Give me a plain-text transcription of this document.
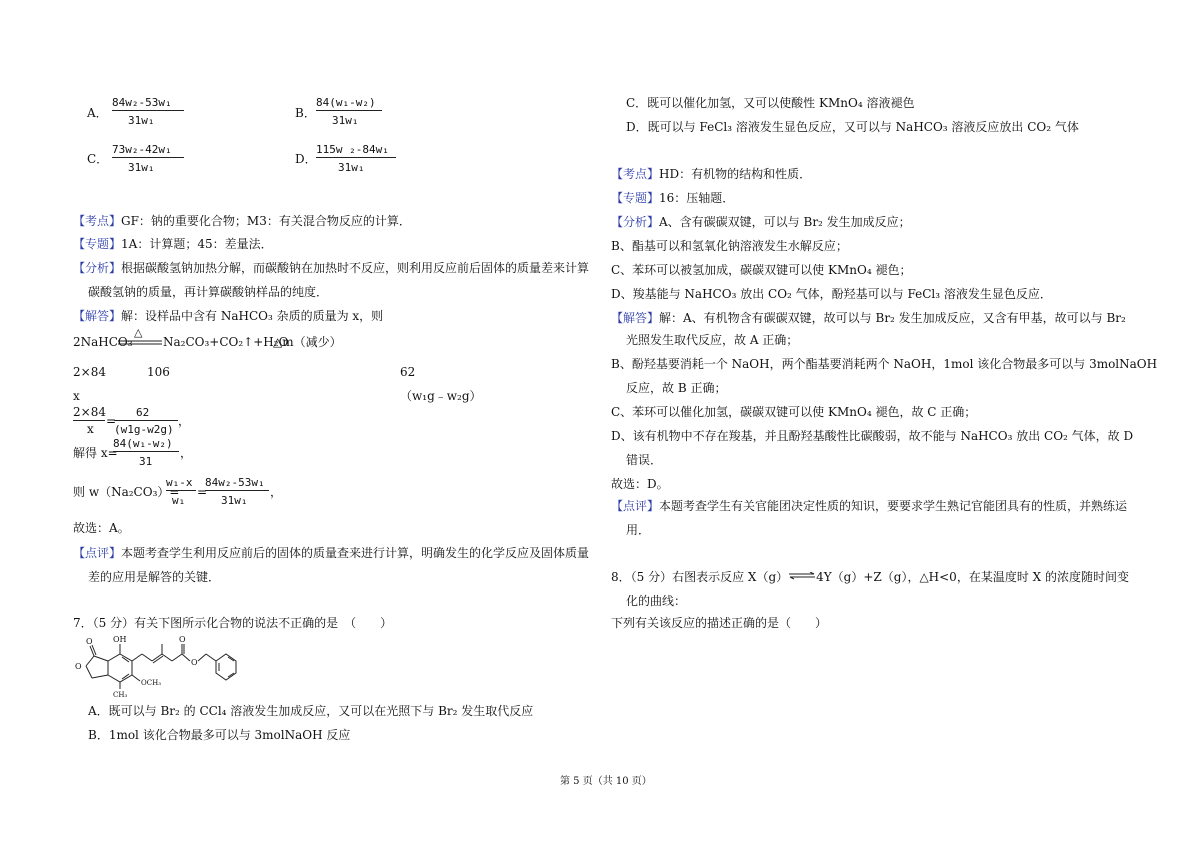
A．
84w₂-53w₁
31w₁
B．
84(w₁-w₂)
31w₁
C．
73w₂-42w₁
31w₁
D．
115w ₂-84w₁
31w₁
【考点】GF：钠的重要化合物；M3：有关混合物反应的计算．
【专题】1A：计算题；45：差量法．
【分析】根据碳酸氢钠加热分解，而碳酸钠在加热时不反应，则利用反应前后固体的质量差来计算
碳酸氢钠的质量，再计算碳酸钠样品的纯度．
【解答】解：设样品中含有 NaHCO₃ 杂质的质量为 x，则
2NaHCO₃
△
Na₂CO₃+CO₂↑+H₂O
△m（减少）
2×84	106	62
x	（w₁g﹣w₂g）
2×84
x
=
62
(w1g-w2g)
，
解得 x=
84(w₁-w₂)
31
，
则 w（Na₂CO₃）=
w₁-x
w₁
=
84w₂-53w₁
31w₁
，
故选：A。
【点评】本题考查学生利用反应前后的固体的质量查来进行计算，明确发生的化学反应及固体质量
差的应用是解答的关键．
7．（5 分）有关下图所示化合物的说法不正确的是　（　　）
OH
OCH₃
CH₃
O
O
O
O
A．既可以与 Br₂ 的 CCl₄ 溶液发生加成反应，又可以在光照下与 Br₂ 发生取代反应
B．1mol 该化合物最多可以与 3molNaOH 反应
C．既可以催化加氢，又可以使酸性 KMnO₄ 溶液褪色
D．既可以与 FeCl₃ 溶液发生显色反应，又可以与 NaHCO₃ 溶液反应放出 CO₂ 气体
【考点】HD：有机物的结构和性质．
【专题】16：压轴题．
【分析】A、含有碳碳双键，可以与 Br₂ 发生加成反应；
B、酯基可以和氢氧化钠溶液发生水解反应；
C、苯环可以被氢加成，碳碳双键可以使 KMnO₄ 褪色；
D、羧基能与 NaHCO₃ 放出 CO₂ 气体，酚羟基可以与 FeCl₃ 溶液发生显色反应．
【解答】解：A、有机物含有碳碳双键，故可以与 Br₂ 发生加成反应，又含有甲基，故可以与 Br₂
光照发生取代反应，故 A 正确；
B、酚羟基要消耗一个 NaOH，两个酯基要消耗两个 NaOH，1mol 该化合物最多可以与 3molNaOH
反应，故 B 正确；
C、苯环可以催化加氢，碳碳双键可以使 KMnO₄ 褪色，故 C 正确；
D、该有机物中不存在羧基，并且酚羟基酸性比碳酸弱，故不能与 NaHCO₃ 放出 CO₂ 气体，故 D
错误．
故选：D。
【点评】本题考查学生有关官能团决定性质的知识，要要求学生熟记官能团具有的性质，并熟练运
用．
8．（5 分）右图表示反应 X（g）⇌4Y（g）+Z（g），△H<0，在某温度时 X 的浓度随时间变
化的曲线：
下列有关该反应的描述正确的是（　　）
第 5 页（共 10 页）
